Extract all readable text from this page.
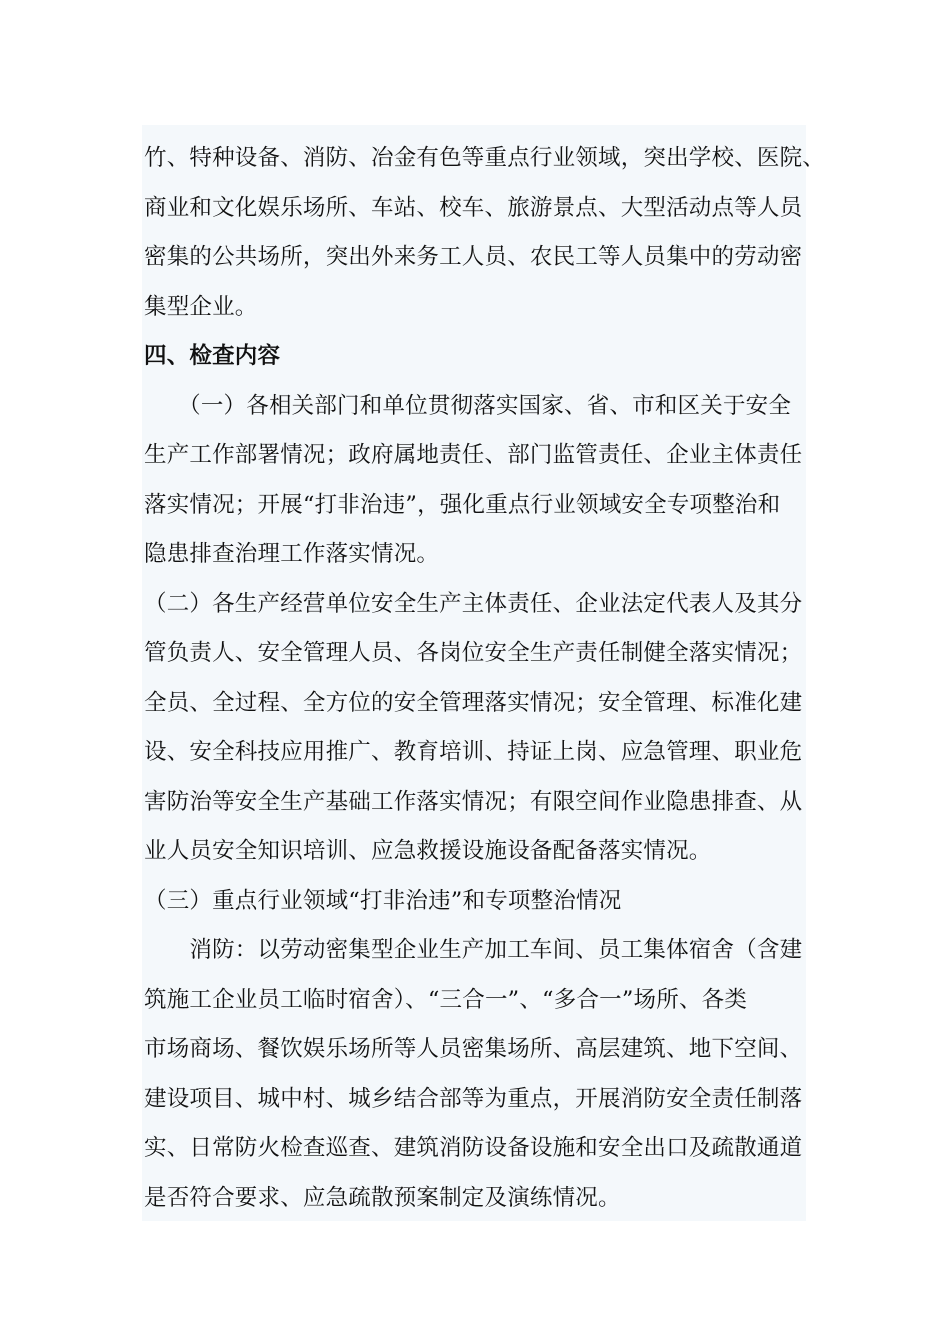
竹、特种设备、消防、冶金有色等重点行业领域，突出学校、医院、
商业和文化娱乐场所、车站、校车、旅游景点、大型活动点等人员
密集的公共场所，突出外来务工人员、农民工等人员集中的劳动密
集型企业。
四、检查内容
　　（一）各相关部门和单位贯彻落实国家、省、市和区关于安全
生产工作部署情况；政府属地责任、部门监管责任、企业主体责任
落实情况；开展“打非治违”，强化重点行业领域安全专项整治和
隐患排查治理工作落实情况。
（二）各生产经营单位安全生产主体责任、企业法定代表人及其分
管负责人、安全管理人员、各岗位安全生产责任制健全落实情况；
全员、全过程、全方位的安全管理落实情况；安全管理、标准化建
设、安全科技应用推广、教育培训、持证上岗、应急管理、职业危
害防治等安全生产基础工作落实情况；有限空间作业隐患排查、从
业人员安全知识培训、应急救援设施设备配备落实情况。
（三）重点行业领域“打非治违”和专项整治情况
　　消防：以劳动密集型企业生产加工车间、员工集体宿舍（含建
筑施工企业员工临时宿舍）、“三合一”、“多合一”场所、各类
市场商场、餐饮娱乐场所等人员密集场所、高层建筑、地下空间、
建设项目、城中村、城乡结合部等为重点，开展消防安全责任制落
实、日常防火检查巡查、建筑消防设备设施和安全出口及疏散通道
是否符合要求、应急疏散预案制定及演练情况。
